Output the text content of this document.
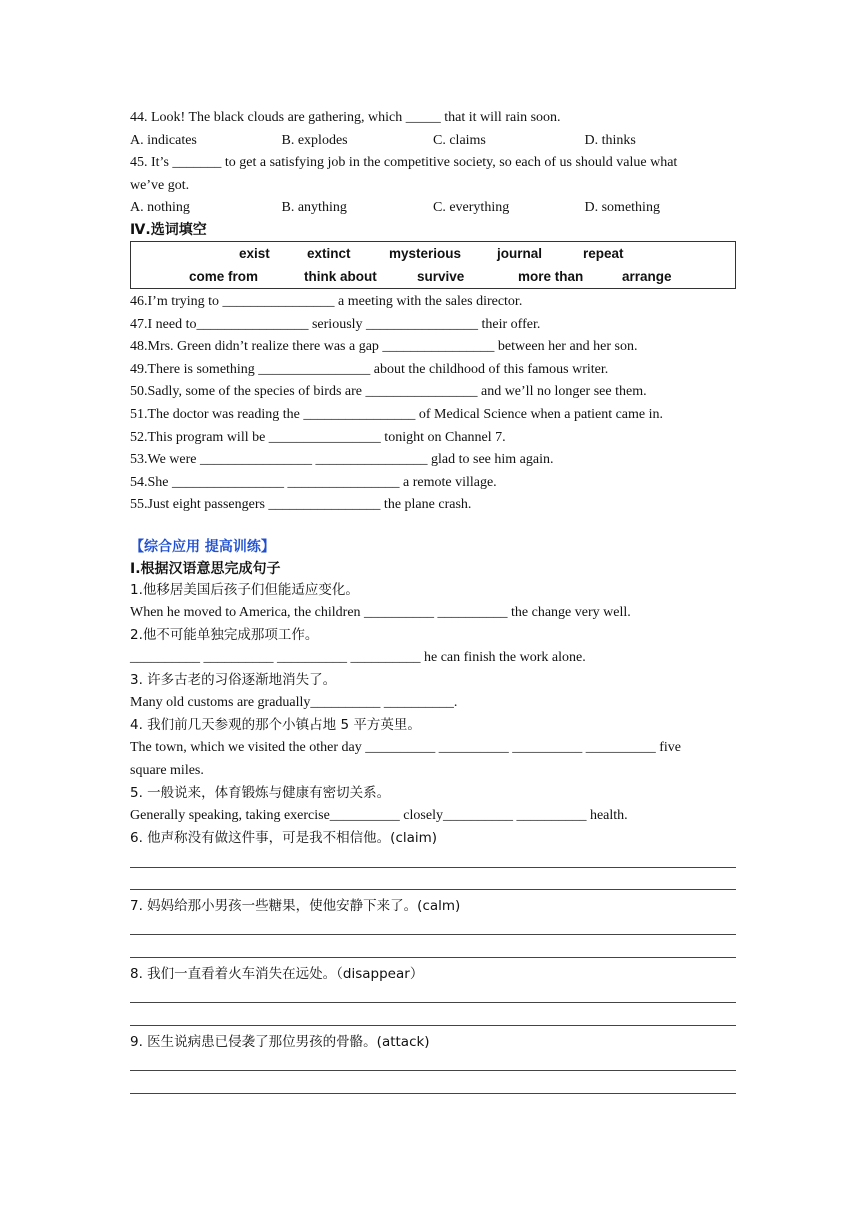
44. Look! The black clouds are gathering, which _____ that it will rain soon.
A. indicates	B. explodes	C. claims	D. thinks
45. It’s _______ to get a satisfying job in the competitive society, so each of us should value what
we’ve got.
A. nothing	B. anything	C. everything	D. something
Ⅳ.选词填空
exist	extinct	mysterious	journal	repeat
come from	think about	survive	more than	arrange
46.I’m trying to ________________ a meeting with the sales director.
47.I need to________________ seriously ________________ their offer.
48.Mrs. Green didn’t realize there was a gap ________________ between her and her son.
49.There is something ________________ about the childhood of this famous writer.
50.Sadly, some of the species of birds are ________________ and we’ll no longer see them.
51.The doctor was reading the ________________ of Medical Science when a patient came in.
52.This program will be ________________ tonight on Channel 7.
53.We were ________________ ________________ glad to see him again.
54.She ________________ ________________ a remote village.
55.Just eight passengers ________________ the plane crash.
【综合应用 提高训练】
Ⅰ.根据汉语意思完成句子
1.他移居美国后孩子们但能适应变化。
When he moved to America, the children __________ __________ the change very well.
2.他不可能单独完成那项工作。
__________ __________ __________ __________ he can finish the work alone.
3. 许多古老的习俗逐渐地消失了。
Many old customs are gradually__________ __________.
4. 我们前几天参观的那个小镇占地 5 平方英里。
The town, which we visited the other day __________ __________ __________ __________ five
square miles.
5. 一般说来，体育锻炼与健康有密切关系。
Generally speaking, taking exercise__________ closely__________ __________ health.
6. 他声称没有做这件事，可是我不相信他。(claim)
7. 妈妈给那小男孩一些糖果，使他安静下来了。(calm)
8. 我们一直看着火车消失在远处。（disappear）
9. 医生说病患已侵袭了那位男孩的骨骼。(attack)
